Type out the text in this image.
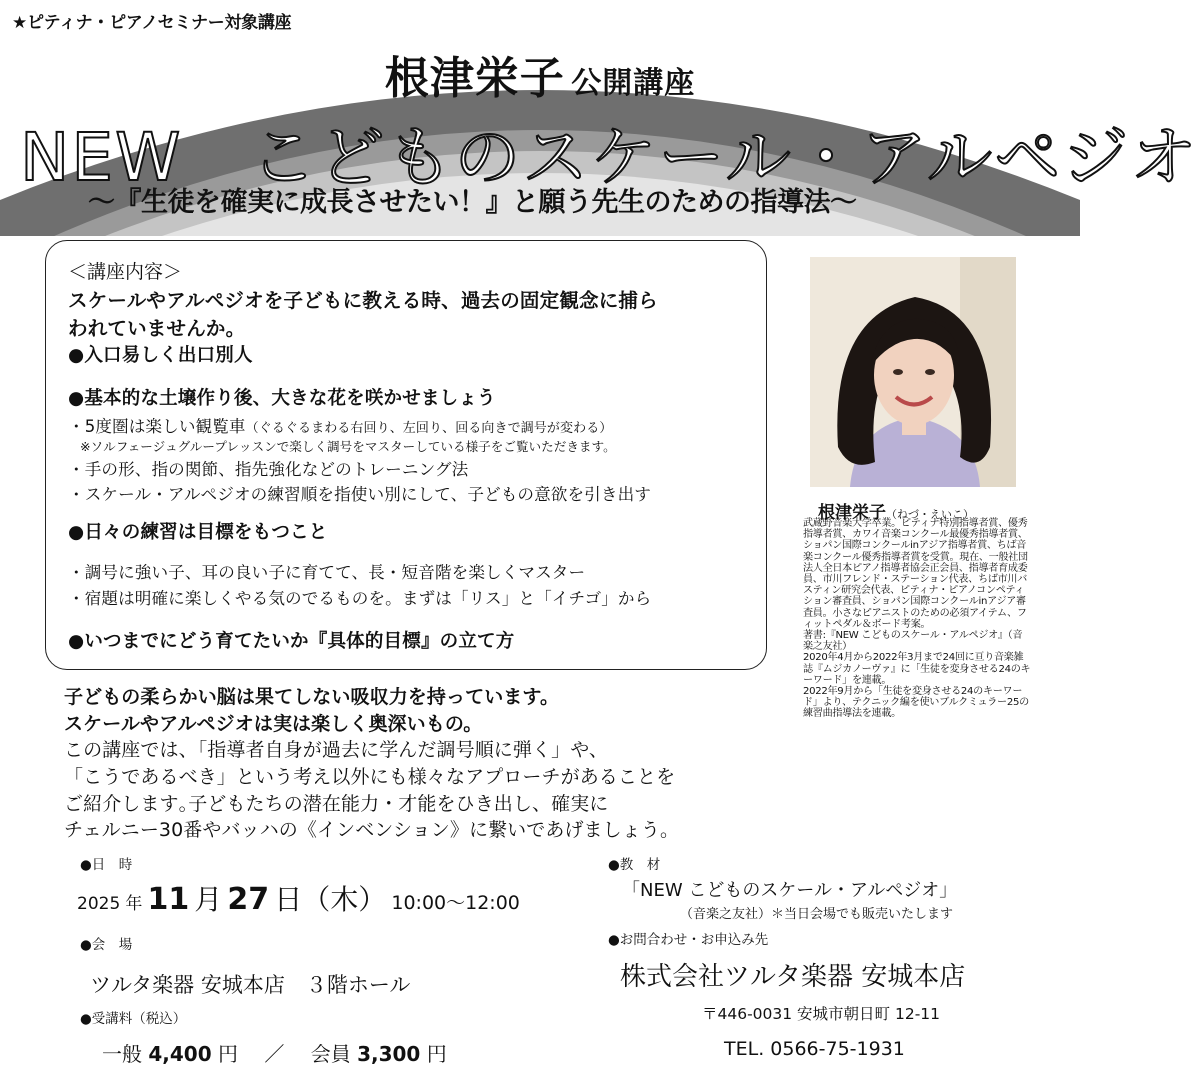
★ピティナ・ピアノセミナー対象講座
根津栄子 公開講座
NEW　こどものスケール・アルペジオ
～『生徒を確実に成長させたい！』と願う先生のための指導法～
＜講座内容＞
スケールやアルペジオを子どもに教える時、過去の固定観念に捕ら
われていませんか。
●入口易しく出口別人
●基本的な土壌作り後、大きな花を咲かせましょう
・5度圏は楽しい観覧車（ぐるぐるまわる右回り、左回り、回る向きで調号が変わる）
※ソルフェージュグループレッスンで楽しく調号をマスターしている様子をご覧いただきます。
・手の形、指の関節、指先強化などのトレーニング法
・スケール・アルペジオの練習順を指使い別にして、子どもの意欲を引き出す
●日々の練習は目標をもつこと
・調号に強い子、耳の良い子に育てて、長・短音階を楽しくマスター
・宿題は明確に楽しくやる気のでるものを。まずは「リス」と「イチゴ」から
●いつまでにどう育てたいか『具体的目標』の立て方
根津栄子（ねづ・えいこ）

武蔵野音楽大学卒業。ピティナ特別指導者賞、優秀指導者賞、カワイ音楽コンクール最優秀指導者賞、ショパン国際コンクールinアジア指導者賞、ちば音楽コンクール優秀指導者賞を受賞。現在、一般社団法人全日本ピアノ指導者協会正会員、指導者育成委員、市川フレンド・ステーション代表、ちば市川バスティン研究会代表、ピティナ・ピアノコンペティション審査員、ショパン国際コンクールinアジア審査員。小さなピアニストのための必須アイテム、フィットペダル＆ボード考案。

著書:『NEW こどものスケール・アルペジオ』（音楽之友社）

2020年4月から2022年3月まで24回に亘り音楽雑誌『ムジカノーヴァ』に「生徒を変身させる24のキーワード」を連載。

2022年9月から「生徒を変身させる24のキーワード」より、テクニック編を使いブルクミュラー25の練習曲指導法を連載。

子どもの柔らかい脳は果てしない吸収力を持っています。
スケールやアルペジオは実は楽しく奥深いもの。
この講座では、「指導者自身が過去に学んだ調号順に弾く」や、
「こうであるべき」という考え以外にも様々なアプローチがあることを
ご紹介します｡子どもたちの潜在能力・才能をひき出し、確実に
チェルニー30番やバッハの《インベンション》に繋いであげましょう。
●日　時
2025 年 11 月 27 日（木） 10:00～12:00
●会　場
ツルタ楽器 安城本店　３階ホール
●受講料（税込）
一般 4,400 円 ／ 会員 3,300 円
●教　材
「NEW こどものスケール・アルペジオ」
（音楽之友社）＊当日会場でも販売いたします
●お問合わせ・お申込み先
株式会社ツルタ楽器 安城本店
〒446-0031 安城市朝日町 12-11
TEL. 0566-75-1931
